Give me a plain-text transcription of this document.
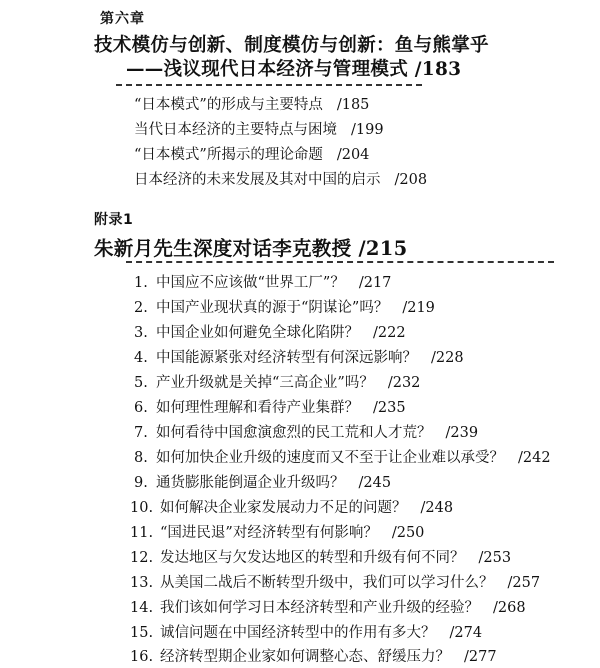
第六章
技术模仿与创新、制度模仿与创新：鱼与熊掌乎
——浅议现代日本经济与管理模式 /183
“日本模式”的形成与主要特点 /185
当代日本经济的主要特点与困境 /199
“日本模式”所揭示的理论命题 /204
日本经济的未来发展及其对中国的启示 /208
附录1
朱新月先生深度对话李克教授 /215
1. 中国应不应该做“世界工厂”？ /217
2. 中国产业现状真的源于“阴谋论”吗？ /219
3. 中国企业如何避免全球化陷阱？ /222
4. 中国能源紧张对经济转型有何深远影响？ /228
5. 产业升级就是关掉“三高企业”吗？ /232
6. 如何理性理解和看待产业集群？ /235
7. 如何看待中国愈演愈烈的民工荒和人才荒？ /239
8. 如何加快企业升级的速度而又不至于让企业难以承受？ /242
9. 通货膨胀能倒逼企业升级吗？ /245
10. 如何解决企业家发展动力不足的问题？ /248
11. “国进民退”对经济转型有何影响？ /250
12. 发达地区与欠发达地区的转型和升级有何不同？ /253
13. 从美国二战后不断转型升级中，我们可以学习什么？ /257
14. 我们该如何学习日本经济转型和产业升级的经验？ /268
15. 诚信问题在中国经济转型中的作用有多大？ /274
16. 经济转型期企业家如何调整心态、舒缓压力？ /277
